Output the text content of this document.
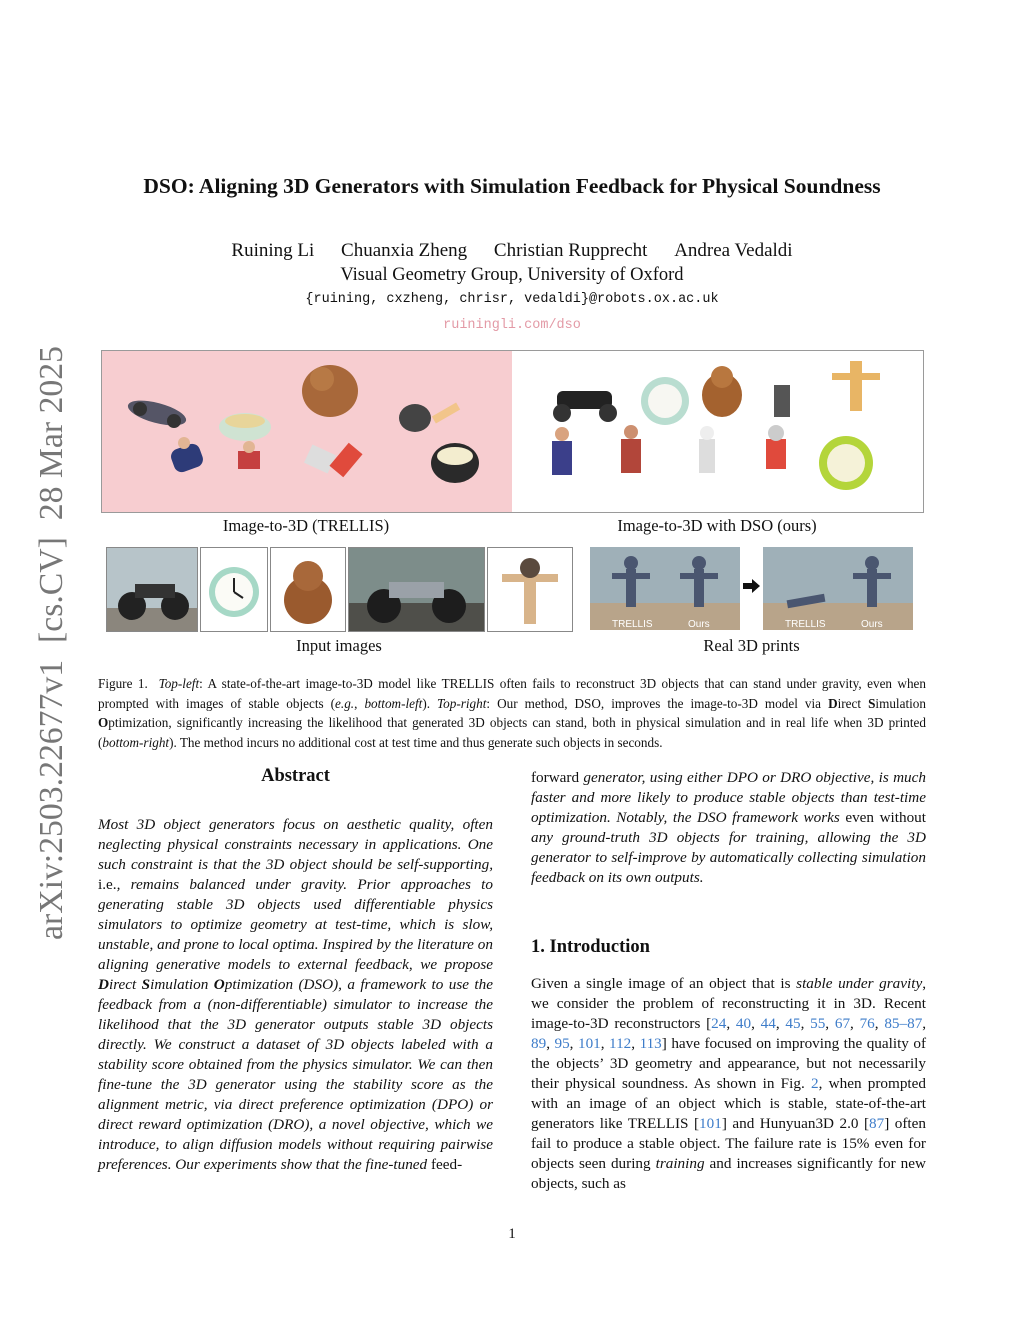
arXiv:2503.22677v1  [cs.CV]  28 Mar 2025
DSO: Aligning 3D Generators with Simulation Feedback for Physical Soundness
Ruining Li Chuanxia Zheng Christian Rupprecht Andrea Vedaldi
Visual Geometry Group, University of Oxford
{ruining, cxzheng, chrisr, vedaldi}@robots.ox.ac.uk
ruiningli.com/dso
Image-to-3D (TRELLIS)	Image-to-3D with DSO (ours)
TRELLIS	Ours	TRELLIS	Ours
Input images	Real 3D prints
Figure 1. Top-left: A state-of-the-art image-to-3D model like TRELLIS often fails to reconstruct 3D objects that can stand under gravity, even when prompted with images of stable objects (e.g., bottom-left). Top-right: Our method, DSO, improves the image-to-3D model via Direct Simulation Optimization, significantly increasing the likelihood that generated 3D objects can stand, both in physical simulation and in real life when 3D printed (bottom-right). The method incurs no additional cost at test time and thus generate such objects in seconds.
Abstract
Most 3D object generators focus on aesthetic quality, often neglecting physical constraints necessary in applications. One such constraint is that the 3D object should be self-supporting, i.e., remains balanced under gravity. Prior approaches to generating stable 3D objects used differentiable physics simulators to optimize geometry at test-time, which is slow, unstable, and prone to local optima. Inspired by the literature on aligning generative models to external feedback, we propose Direct Simulation Optimization (DSO), a framework to use the feedback from a (non-differentiable) simulator to increase the likelihood that the 3D generator outputs stable 3D objects directly. We construct a dataset of 3D objects labeled with a stability score obtained from the physics simulator. We can then fine-tune the 3D generator using the stability score as the alignment metric, via direct preference optimization (DPO) or direct reward optimization (DRO), a novel objective, which we introduce, to align diffusion models without requiring pairwise preferences. Our experiments show that the fine-tuned feed-
forward generator, using either DPO or DRO objective, is much faster and more likely to produce stable objects than test-time optimization. Notably, the DSO framework works even without any ground-truth 3D objects for training, allowing the 3D generator to self-improve by automatically collecting simulation feedback on its own outputs.
1. Introduction
Given a single image of an object that is stable under gravity, we consider the problem of reconstructing it in 3D. Recent image-to-3D reconstructors [24, 40, 44, 45, 55, 67, 76, 85–87, 89, 95, 101, 112, 113] have focused on improving the quality of the objects’ 3D geometry and appearance, but not necessarily their physical soundness. As shown in Fig. 2, when prompted with an image of an object which is stable, state-of-the-art generators like TRELLIS [101] and Hunyuan3D 2.0 [87] often fail to produce a stable object. The failure rate is 15% even for objects seen during training and increases significantly for new objects, such as
1
